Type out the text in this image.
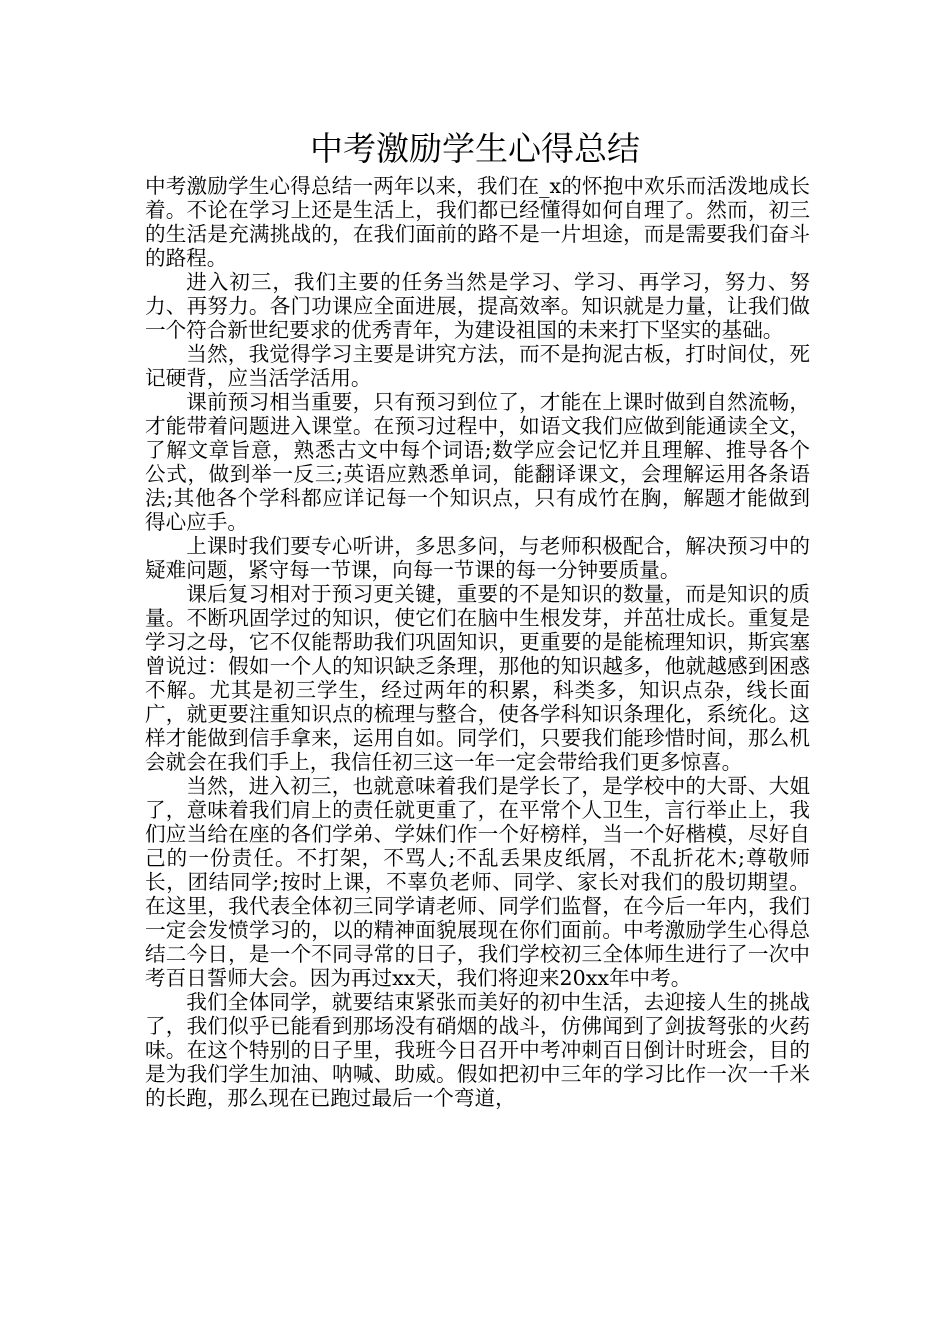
中考激励学生心得总结

中考激励学生心得总结一两年以来，我们在_x的怀抱中欢乐而活泼地成长着。不论在学习上还是生活上，我们都已经懂得如何自理了。然而，初三的生活是充满挑战的，在我们面前的路不是一片坦途，而是需要我们奋斗的路程。

进入初三，我们主要的任务当然是学习、学习、再学习，努力、努力、再努力。各门功课应全面进展，提高效率。知识就是力量，让我们做一个符合新世纪要求的优秀青年，为建设祖国的未来打下坚实的基础。

当然，我觉得学习主要是讲究方法，而不是拘泥古板，打时间仗，死记硬背，应当活学活用。

课前预习相当重要，只有预习到位了，才能在上课时做到自然流畅，才能带着问题进入课堂。在预习过程中，如语文我们应做到能通读全文，了解文章旨意，熟悉古文中每个词语;数学应会记忆并且理解、推导各个公式，做到举一反三;英语应熟悉单词，能翻译课文，会理解运用各条语法;其他各个学科都应详记每一个知识点，只有成竹在胸，解题才能做到得心应手。

上课时我们要专心听讲，多思多问，与老师积极配合，解决预习中的疑难问题，紧守每一节课，向每一节课的每一分钟要质量。

课后复习相对于预习更关键，重要的不是知识的数量，而是知识的质量。不断巩固学过的知识，使它们在脑中生根发芽，并茁壮成长。重复是学习之母，它不仅能帮助我们巩固知识，更重要的是能梳理知识，斯宾塞曾说过：假如一个人的知识缺乏条理，那他的知识越多，他就越感到困惑不解。尤其是初三学生，经过两年的积累，科类多，知识点杂，线长面广，就更要注重知识点的梳理与整合，使各学科知识条理化，系统化。这样才能做到信手拿来，运用自如。同学们，只要我们能珍惜时间，那么机会就会在我们手上，我信任初三这一年一定会带给我们更多惊喜。

当然，进入初三，也就意味着我们是学长了，是学校中的大哥、大姐了，意味着我们肩上的责任就更重了，在平常个人卫生，言行举止上，我们应当给在座的各们学弟、学妹们作一个好榜样，当一个好楷模，尽好自己的一份责任。不打架，不骂人;不乱丢果皮纸屑，不乱折花木;尊敬师长，团结同学;按时上课，不辜负老师、同学、家长对我们的殷切期望。在这里，我代表全体初三同学请老师、同学们监督，在今后一年内，我们一定会发愤学习的，以的精神面貌展现在你们面前。中考激励学生心得总结二今日，是一个不同寻常的日子，我们学校初三全体师生进行了一次中考百日誓师大会。因为再过xx天，我们将迎来20xx年中考。

我们全体同学，就要结束紧张而美好的初中生活，去迎接人生的挑战了，我们似乎已能看到那场没有硝烟的战斗，仿佛闻到了剑拔弩张的火药味。在这个特别的日子里，我班今日召开中考冲刺百日倒计时班会，目的是为我们学生加油、呐喊、助威。假如把初中三年的学习比作一次一千米的长跑，那么现在已跑过最后一个弯道，
